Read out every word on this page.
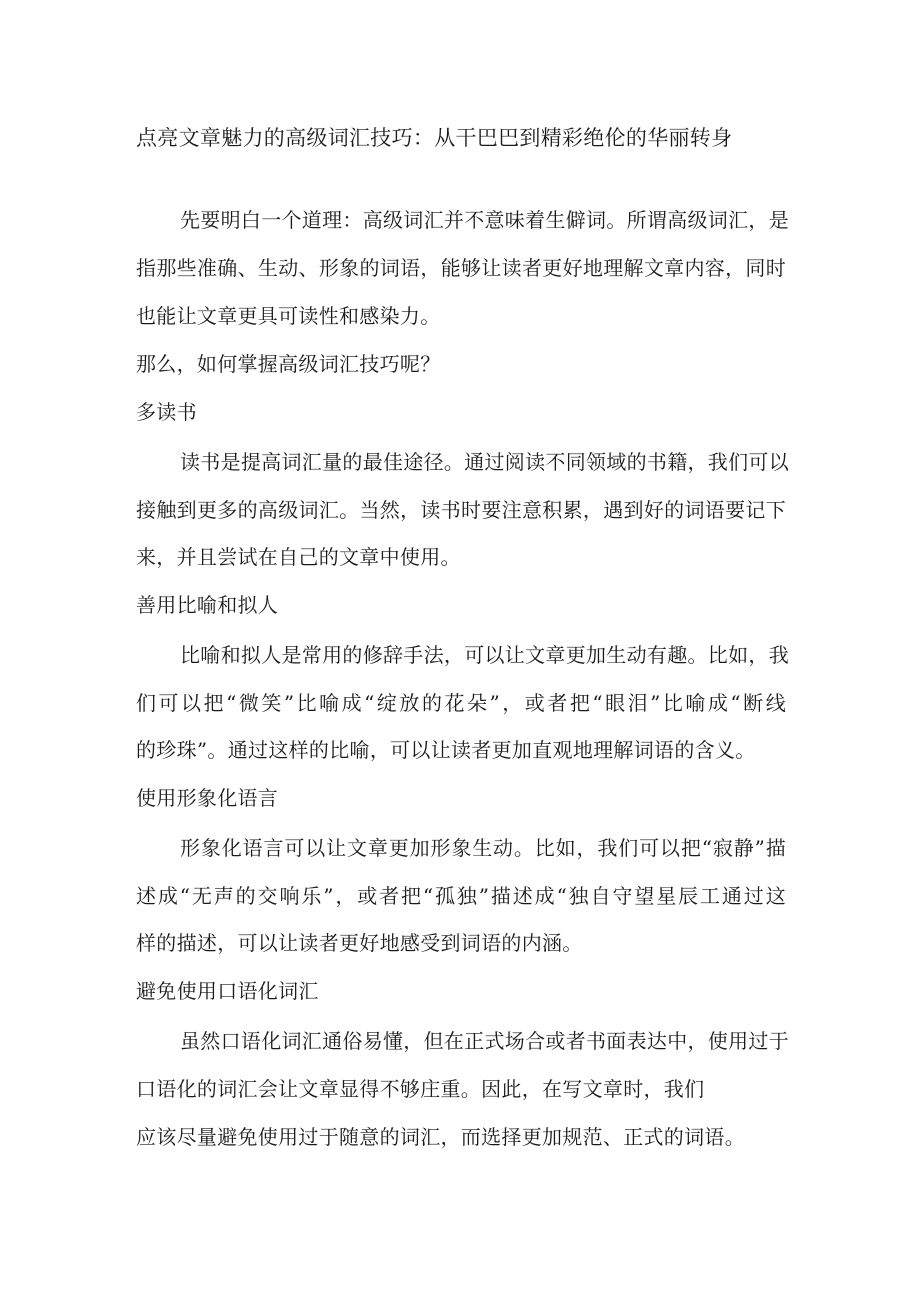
点亮文章魅力的高级词汇技巧：从干巴巴到精彩绝伦的华丽转身
先要明白一个道理：高级词汇并不意味着生僻词。所谓高级词汇，是
指那些准确、生动、形象的词语，能够让读者更好地理解文章内容，同时
也能让文章更具可读性和感染力。
那么，如何掌握高级词汇技巧呢？
多读书
读书是提高词汇量的最佳途径。通过阅读不同领域的书籍，我们可以
接触到更多的高级词汇。当然，读书时要注意积累，遇到好的词语要记下
来，并且尝试在自己的文章中使用。
善用比喻和拟人
比喻和拟人是常用的修辞手法，可以让文章更加生动有趣。比如，我
们可以把“微笑”比喻成“绽放的花朵”，或者把“眼泪”比喻成“断线
的珍珠”。通过这样的比喻，可以让读者更加直观地理解词语的含义。
使用形象化语言
形象化语言可以让文章更加形象生动。比如，我们可以把“寂静”描
述成“无声的交响乐”，或者把“孤独”描述成“独自守望星辰工通过这
样的描述，可以让读者更好地感受到词语的内涵。
避免使用口语化词汇
虽然口语化词汇通俗易懂，但在正式场合或者书面表达中，使用过于
口语化的词汇会让文章显得不够庄重。因此，在写文章时，我们
应该尽量避免使用过于随意的词汇，而选择更加规范、正式的词语。
